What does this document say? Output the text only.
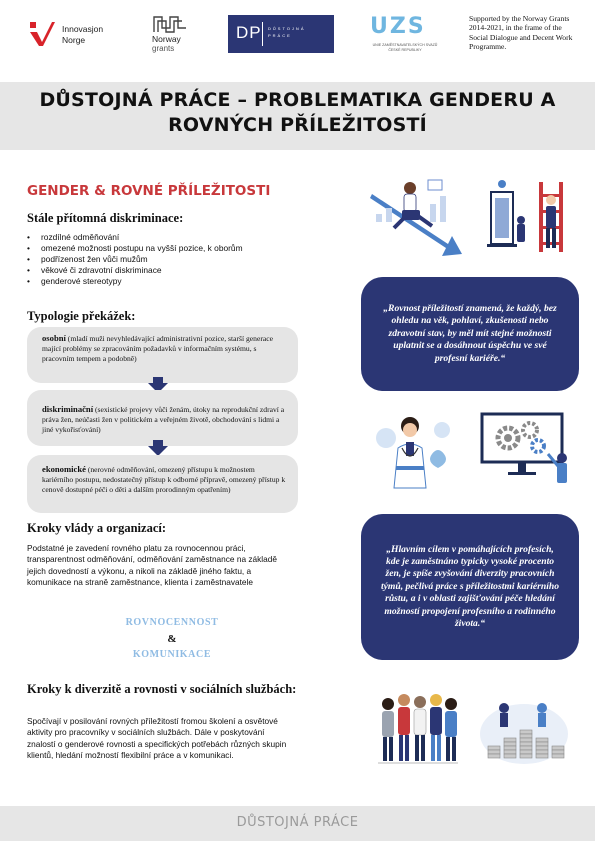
Innovasjon
Norge	Norway
grants
DP DŮSTOJNÁ
PRÁCE	UZS
UNIE ZAMĚSTNAVATELSKÝCH SVAZŮ ČESKÉ REPUBLIKY
Supported by the Norway Grants 2014-2021, in the frame of the Social Dialogue and Decent Work Programme.
DŮSTOJNÁ PRÁCE – PROBLEMATIKA GENDERU A ROVNÝCH PŘÍLEŽITOSTÍ
GENDER & ROVNÉ PŘÍLEŽITOSTI
Stále přítomná diskriminace:
• rozdílné odměňování
• omezené možnosti postupu na vyšší pozice, k oborům
• podřízenost žen vůči mužům
• věkové či zdravotní diskriminace
• genderové stereotypy
Typologie překážek:
osobní (mladí muži nevyhledávající administrativní pozice, starší generace mající problémy se zpracováním požadavků v informačním systému, s pracovním tempem a podobně)
diskriminační (sexistické projevy vůči ženám, útoky na reprodukční zdraví a práva žen, neúčasti žen v politickém a veřejném životě, obchodování s lidmi a jiné vykořisťování)
ekonomické (nerovné odměňování, omezený přístupu k možnostem kariérního postupu, nedostatečný přístup k odborné přípravě, omezený přístup k cenově dostupné péči o děti a dalším prorodinným opatřením)
Kroky vlády a organizací:
Podstatné je zavedení rovného platu za rovnocennou práci, transparentnost odměňování, odměňování zaměstnance na základě jejich dovedností a výkonu, a nikoli na základě jiného faktu, a komunikace na straně zaměstnance, klienta i zaměstnavatele
ROVNOCENNOST
&
KOMUNIKACE
Kroky k diverzitě a rovnosti v sociálních službách:
Spočívají v posilování rovných příležitostí fromou školení a osvětové aktivity pro pracovníky v sociálních službách. Dále v poskytování znalostí o genderové rovnosti a specifických potřebách různých skupin klientů, hledání možností flexibilní práce a v komunikaci.
„Rovnost příležitostí znamená, že každý, bez ohledu na věk, pohlaví, zkušenosti nebo zdravotní stav, by měl mít stejné možnosti uplatnit se a dosáhnout úspěchu ve své profesní kariéře.“
„Hlavním cílem v pomáhajících profesích, kde je zaměstnáno typicky vysoké procento žen, je spíše zvyšování diverzity pracovních týmů, pečlivá práce s příležitostmi kariérního růstu, a i v oblasti zajišťování péče hledání možností propojení profesního a rodinného života.“
DŮSTOJNÁ PRÁCE
